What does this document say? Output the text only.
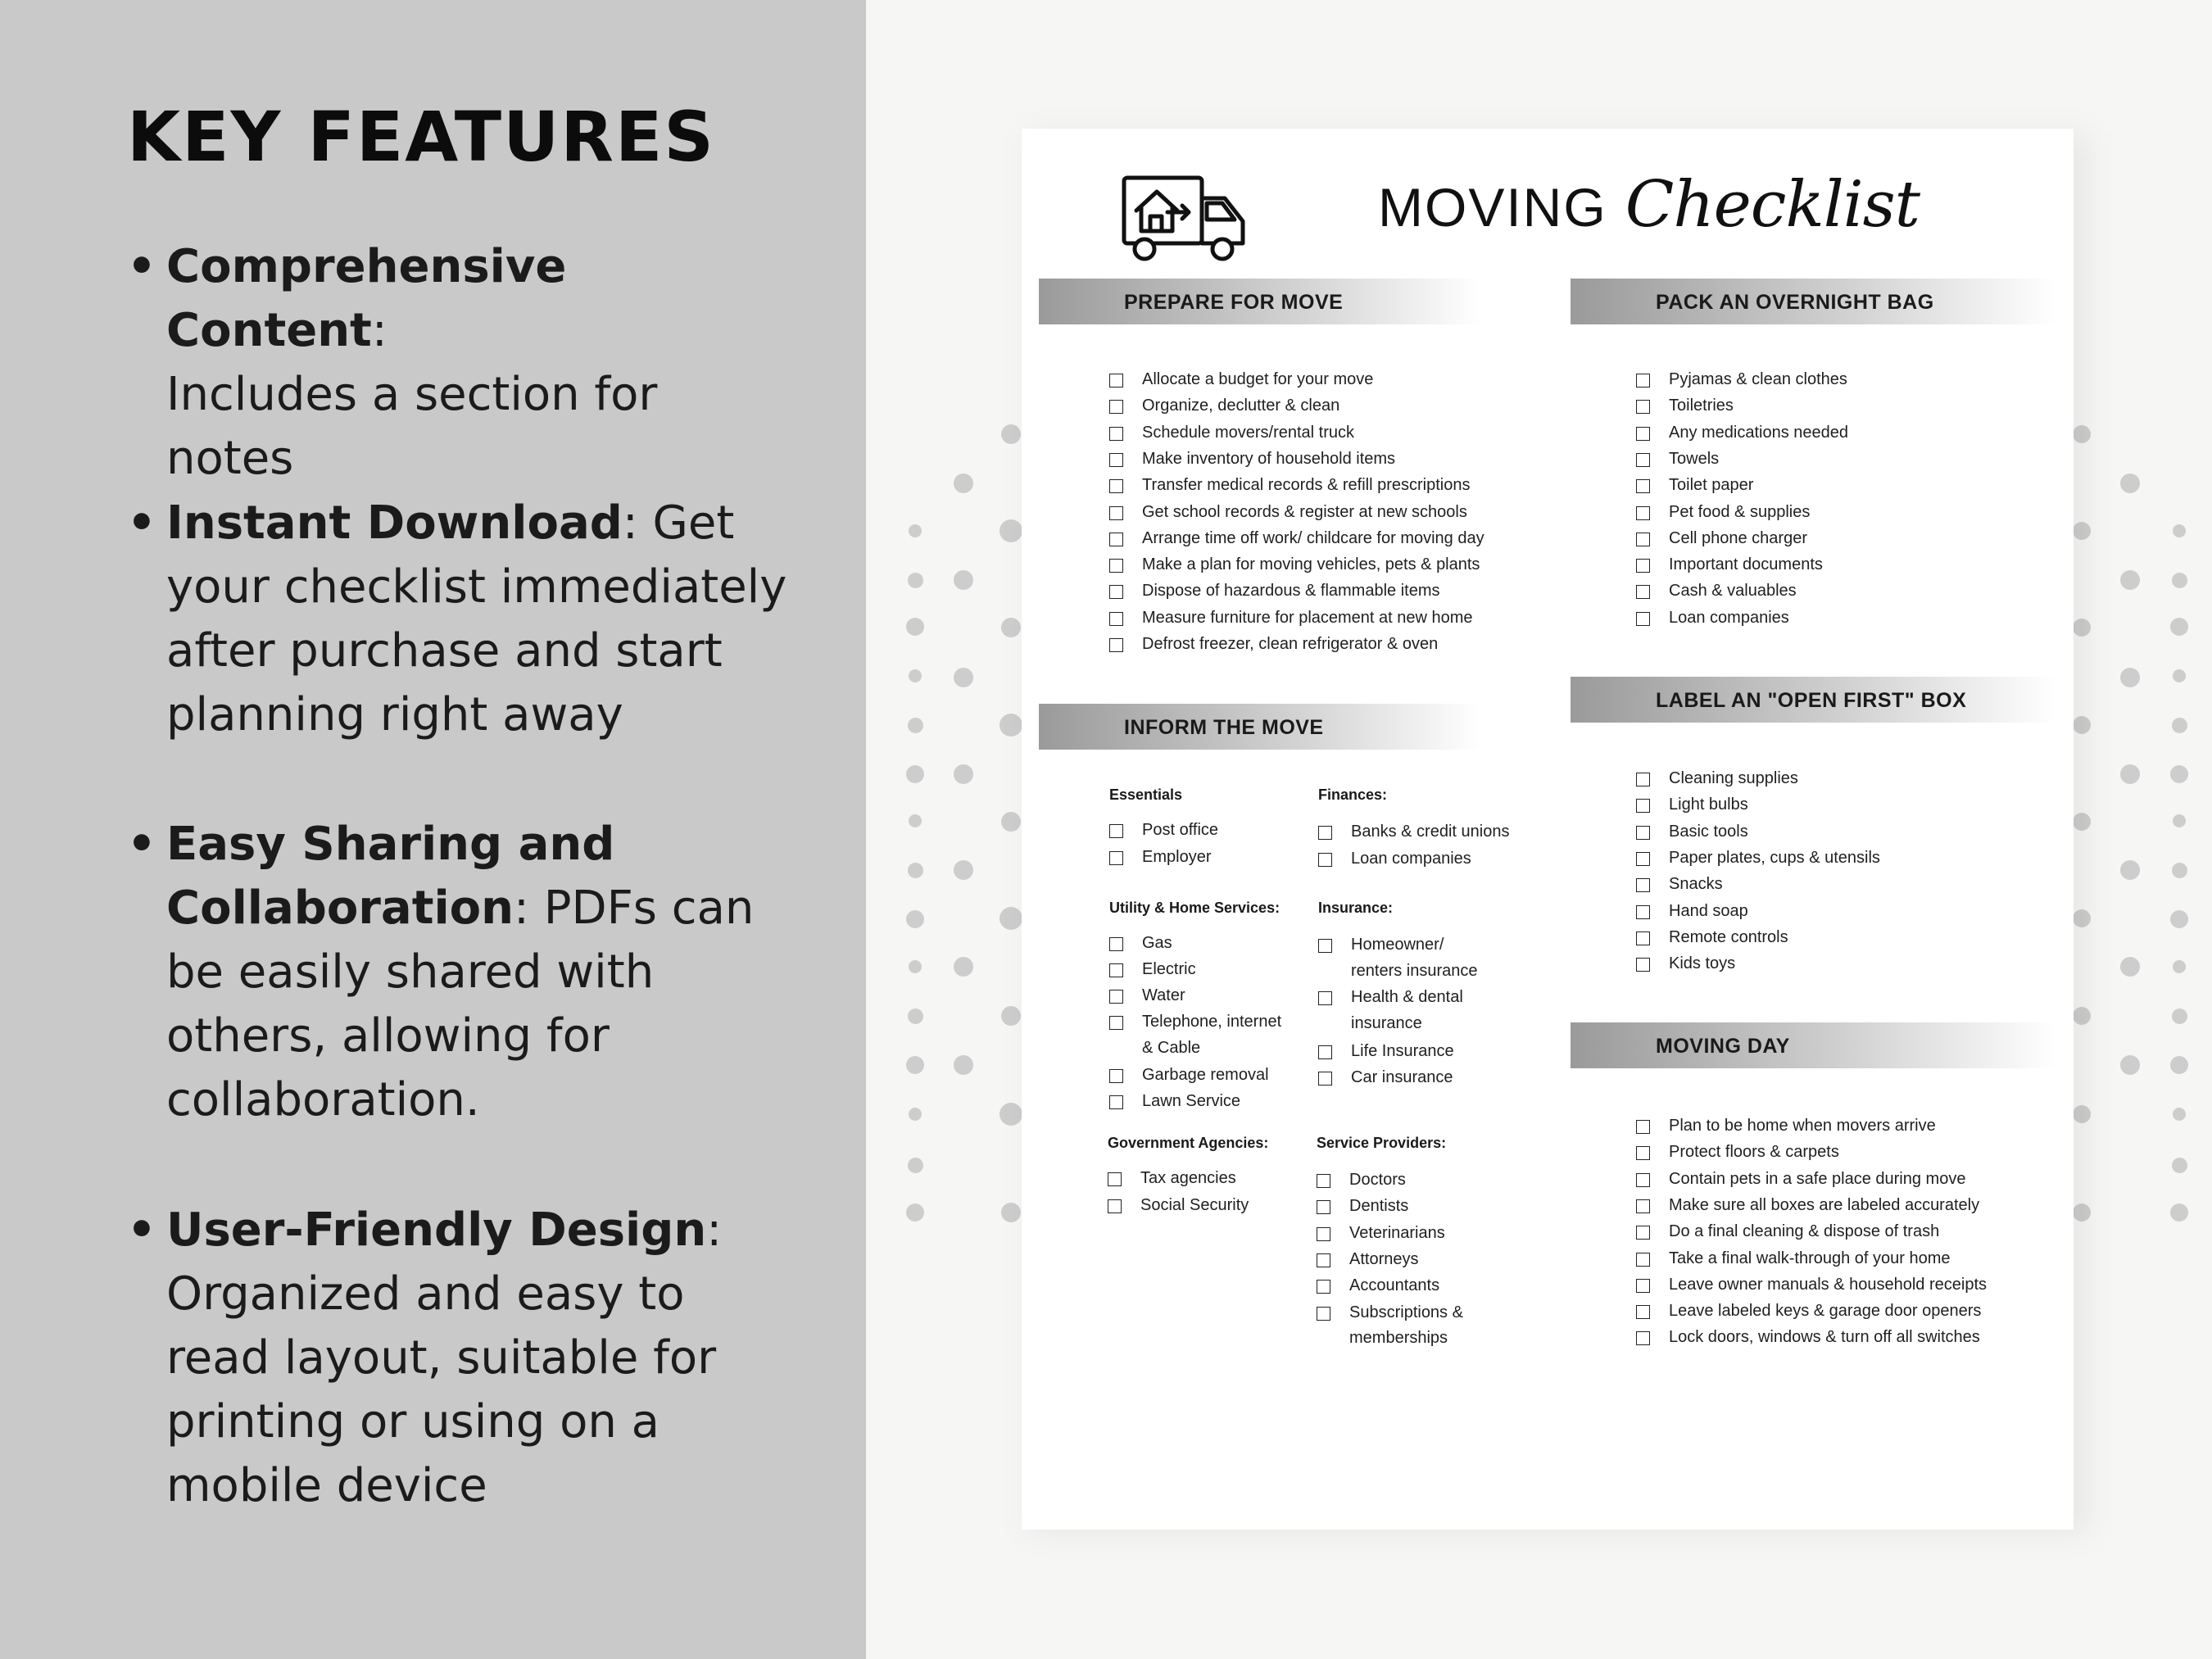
KEY FEATURES
• Comprehensive Content:
Includes a section for
notes
• Instant Download: Get
your checklist immediately
after purchase and start
planning right away
• Easy Sharing and
Collaboration: PDFs can
be easily shared with
others, allowing for
collaboration.
• User-Friendly Design:
Organized and easy to
read layout, suitable for
printing or using on a
mobile device
MOVING Checklist
PREPARE FOR MOVE	PACK AN OVERNIGHT BAG
INFORM THE MOVE
LABEL AN "OPEN FIRST" BOX
MOVING DAY
Essentials	Finances:
Utility & Home Services:	Insurance:
Government Agencies:	Service Providers:
Allocate a budget for your move
Organize, declutter & clean
Schedule movers/rental truck
Make inventory of household items
Transfer medical records & refill prescriptions
Get school records & register at new schools
Arrange time off work/ childcare for moving day
Make a plan for moving vehicles, pets & plants
Dispose of hazardous & flammable items
Measure furniture for placement at new home
Defrost freezer, clean refrigerator & oven
Pyjamas & clean clothes
Toiletries
Any medications needed
Towels
Toilet paper
Pet food & supplies
Cell phone charger
Important documents
Cash & valuables
Loan companies
Cleaning supplies
Light bulbs
Basic tools
Paper plates, cups & utensils
Snacks
Hand soap
Remote controls
Kids toys
Plan to be home when movers arrive
Protect floors & carpets
Contain pets in a safe place during move
Make sure all boxes are labeled accurately
Do a final cleaning & dispose of trash
Take a final walk-through of your home
Leave owner manuals & household receipts
Leave labeled keys & garage door openers
Lock doors, windows & turn off all switches
Post office
Employer
Banks & credit unions
Loan companies
Gas
Electric
Water
Telephone, internet
Garbage removal
Lawn Service
& Cable
Homeowner/
Health & dental
Life Insurance
Car insurance
renters insurance
insurance
Tax agencies
Social Security
Doctors
Dentists
Veterinarians
Attorneys
Accountants
Subscriptions &
memberships
